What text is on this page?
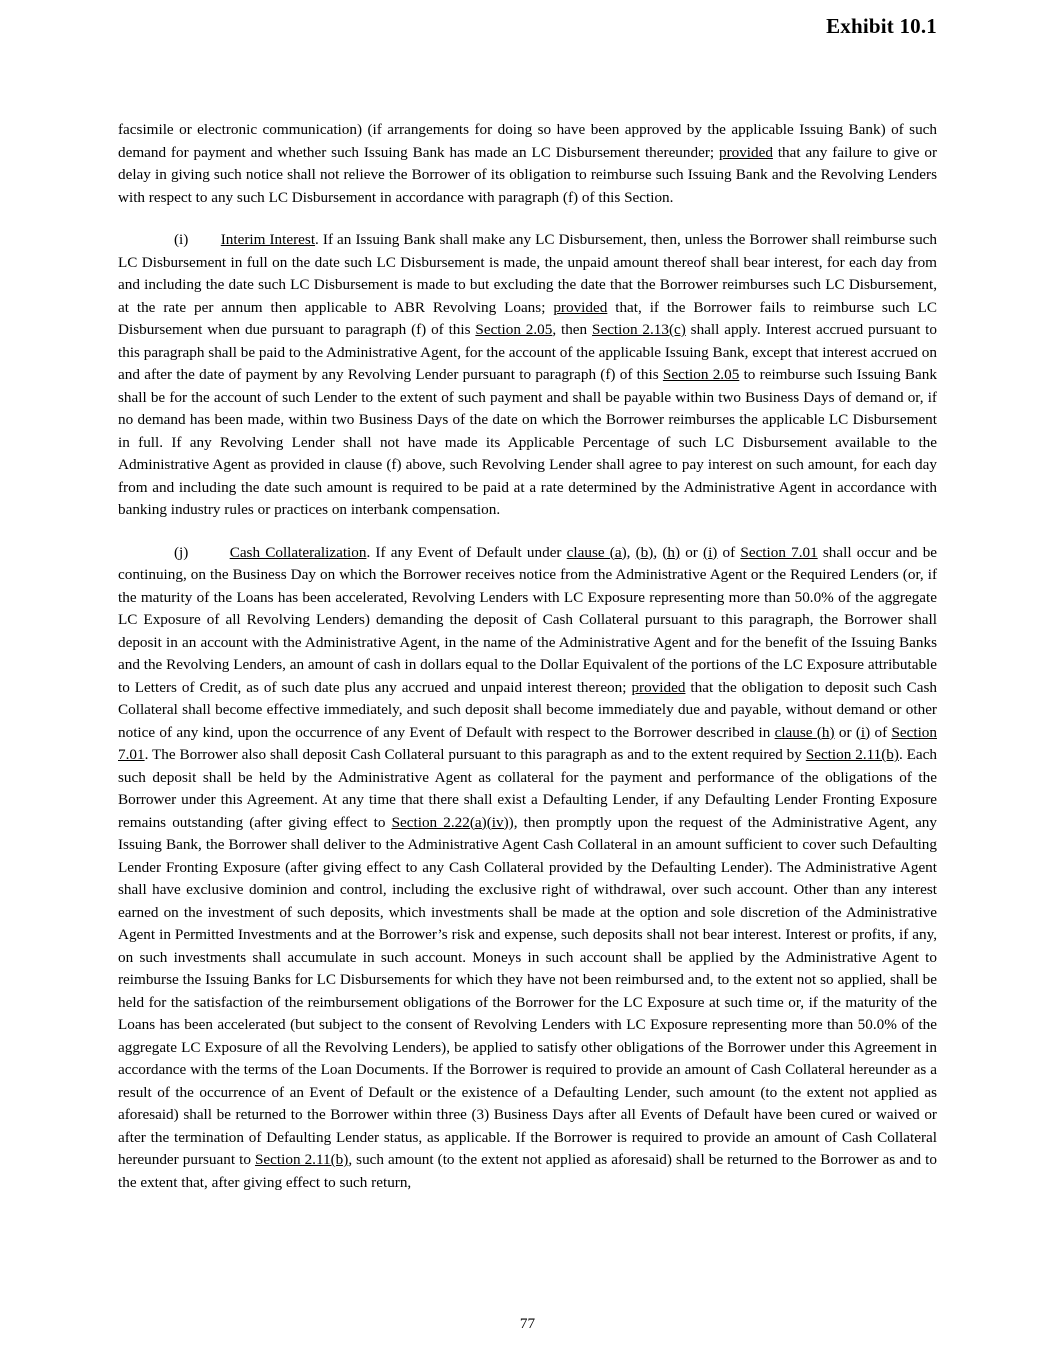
Exhibit 10.1

facsimile or electronic communication) (if arrangements for doing so have been approved by the applicable Issuing Bank) of such demand for payment and whether such Issuing Bank has made an LC Disbursement thereunder; provided that any failure to give or delay in giving such notice shall not relieve the Borrower of its obligation to reimburse such Issuing Bank and the Revolving Lenders with respect to any such LC Disbursement in accordance with paragraph (f) of this Section.

(i) Interim Interest. If an Issuing Bank shall make any LC Disbursement, then, unless the Borrower shall reimburse such LC Disbursement in full on the date such LC Disbursement is made, the unpaid amount thereof shall bear interest, for each day from and including the date such LC Disbursement is made to but excluding the date that the Borrower reimburses such LC Disbursement, at the rate per annum then applicable to ABR Revolving Loans; provided that, if the Borrower fails to reimburse such LC Disbursement when due pursuant to paragraph (f) of this Section 2.05, then Section 2.13(c) shall apply. Interest accrued pursuant to this paragraph shall be paid to the Administrative Agent, for the account of the applicable Issuing Bank, except that interest accrued on and after the date of payment by any Revolving Lender pursuant to paragraph (f) of this Section 2.05 to reimburse such Issuing Bank shall be for the account of such Lender to the extent of such payment and shall be payable within two Business Days of demand or, if no demand has been made, within two Business Days of the date on which the Borrower reimburses the applicable LC Disbursement in full. If any Revolving Lender shall not have made its Applicable Percentage of such LC Disbursement available to the Administrative Agent as provided in clause (f) above, such Revolving Lender shall agree to pay interest on such amount, for each day from and including the date such amount is required to be paid at a rate determined by the Administrative Agent in accordance with banking industry rules or practices on interbank compensation.

(j)	Cash Collateralization. If any Event of Default under clause (a), (b), (h) or (i) of Section 7.01 shall occur and be continuing, on the Business Day on which the Borrower receives notice from the Administrative Agent or the Required Lenders (or, if the maturity of the Loans has been accelerated, Revolving Lenders with LC Exposure representing more than 50.0% of the aggregate LC Exposure of all Revolving Lenders) demanding the deposit of Cash Collateral pursuant to this paragraph, the Borrower shall deposit in an account with the Administrative Agent, in the name of the Administrative Agent and for the benefit of the Issuing Banks and the Revolving Lenders, an amount of cash in dollars equal to the Dollar Equivalent of the portions of the LC Exposure attributable to Letters of Credit, as of such date plus any accrued and unpaid interest thereon; provided that the obligation to deposit such Cash Collateral shall become effective immediately, and such deposit shall become immediately due and payable, without demand or other notice of any kind, upon the occurrence of any Event of Default with respect to the Borrower described in clause (h) or (i) of Section 7.01. The Borrower also shall deposit Cash Collateral pursuant to this paragraph as and to the extent required by Section 2.11(b). Each such deposit shall be held by the Administrative Agent as collateral for the payment and performance of the obligations of the Borrower under this Agreement. At any time that there shall exist a Defaulting Lender, if any Defaulting Lender Fronting Exposure remains outstanding (after giving effect to Section 2.22(a)(iv)), then promptly upon the request of the Administrative Agent, any Issuing Bank, the Borrower shall deliver to the Administrative Agent Cash Collateral in an amount sufficient to cover such Defaulting Lender Fronting Exposure (after giving effect to any Cash Collateral provided by the Defaulting Lender). The Administrative Agent shall have exclusive dominion and control, including the exclusive right of withdrawal, over such account. Other than any interest earned on the investment of such deposits, which investments shall be made at the option and sole discretion of the Administrative Agent in Permitted Investments and at the Borrower’s risk and expense, such deposits shall not bear interest. Interest or profits, if any, on such investments shall accumulate in such account. Moneys in such account shall be applied by the Administrative Agent to reimburse the Issuing Banks for LC Disbursements for which they have not been reimbursed and, to the extent not so applied, shall be held for the satisfaction of the reimbursement obligations of the Borrower for the LC Exposure at such time or, if the maturity of the Loans has been accelerated (but subject to the consent of Revolving Lenders with LC Exposure representing more than 50.0% of the aggregate LC Exposure of all the Revolving Lenders), be applied to satisfy other obligations of the Borrower under this Agreement in accordance with the terms of the Loan Documents. If the Borrower is required to provide an amount of Cash Collateral hereunder as a result of the occurrence of an Event of Default or the existence of a Defaulting Lender, such amount (to the extent not applied as aforesaid) shall be returned to the Borrower within three (3) Business Days after all Events of Default have been cured or waived or after the termination of Defaulting Lender status, as applicable. If the Borrower is required to provide an amount of Cash Collateral hereunder pursuant to Section 2.11(b), such amount (to the extent not applied as aforesaid) shall be returned to the Borrower as and to the extent that, after giving effect to such return,

77
